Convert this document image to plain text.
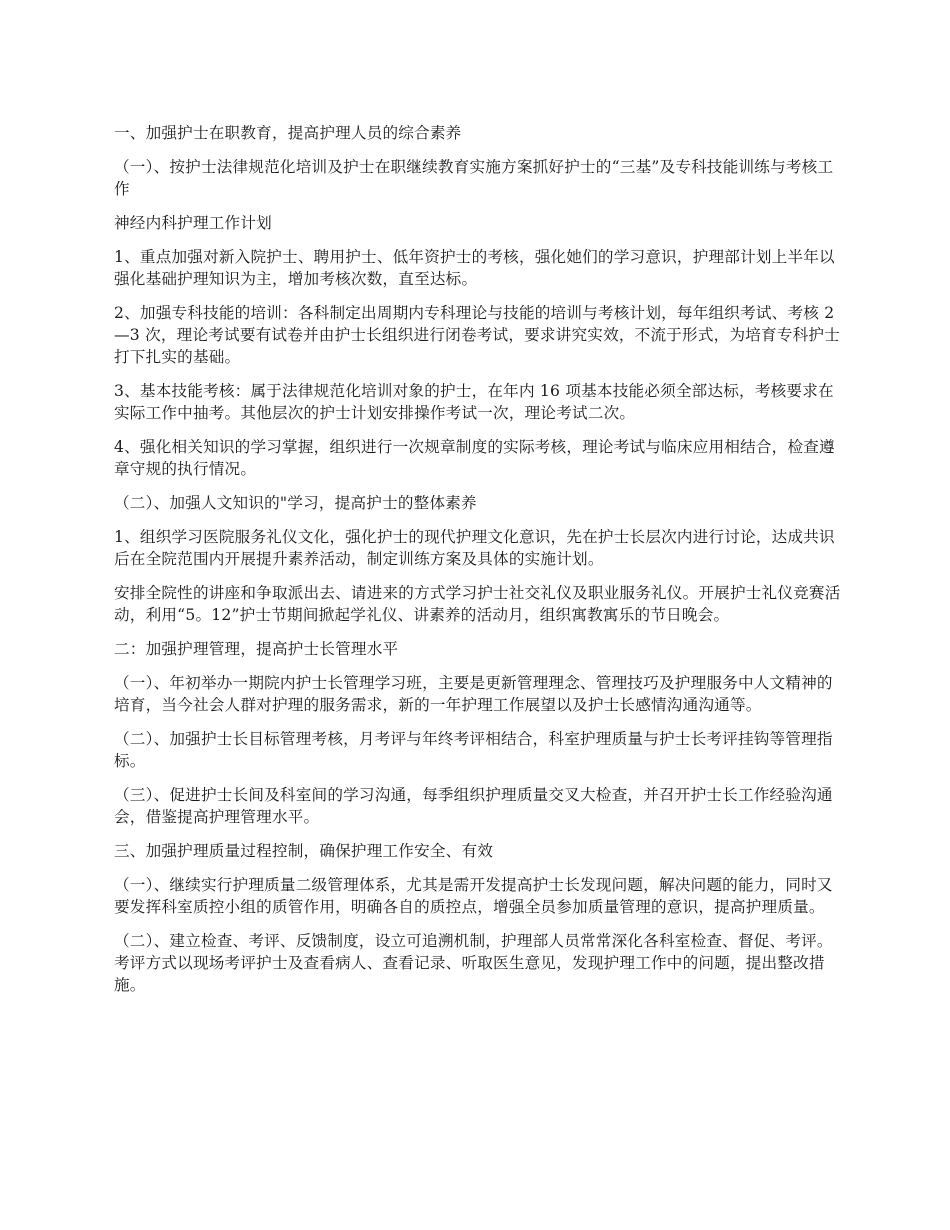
一、加强护士在职教育，提高护理人员的综合素养

（一）、按护士法律规范化培训及护士在职继续教育实施方案抓好护士的“三基”及专科技能训练与考核工作

神经内科护理工作计划

1、重点加强对新入院护士、聘用护士、低年资护士的考核，强化她们的学习意识，护理部计划上半年以强化基础护理知识为主，增加考核次数，直至达标。

2、加强专科技能的培训：各科制定出周期内专科理论与技能的培训与考核计划，每年组织考试、考核 2—3 次，理论考试要有试卷并由护士长组织进行闭卷考试，要求讲究实效，不流于形式，为培育专科护士打下扎实的基础。

3、基本技能考核：属于法律规范化培训对象的护士，在年内 16 项基本技能必须全部达标，考核要求在实际工作中抽考。其他层次的护士计划安排操作考试一次，理论考试二次。

4、强化相关知识的学习掌握，组织进行一次规章制度的实际考核，理论考试与临床应用相结合，检查遵章守规的执行情况。

（二）、加强人文知识的"学习，提高护士的整体素养

1、组织学习医院服务礼仪文化，强化护士的现代护理文化意识，先在护士长层次内进行讨论，达成共识后在全院范围内开展提升素养活动，制定训练方案及具体的实施计划。

安排全院性的讲座和争取派出去、请进来的方式学习护士社交礼仪及职业服务礼仪。开展护士礼仪竞赛活动，利用“5。12”护士节期间掀起学礼仪、讲素养的活动月，组织寓教寓乐的节日晚会。

二：加强护理管理，提高护士长管理水平

（一）、年初举办一期院内护士长管理学习班，主要是更新管理理念、管理技巧及护理服务中人文精神的培育，当今社会人群对护理的服务需求，新的一年护理工作展望以及护士长感情沟通沟通等。

（二）、加强护士长目标管理考核，月考评与年终考评相结合，科室护理质量与护士长考评挂钩等管理指标。

（三）、促进护士长间及科室间的学习沟通，每季组织护理质量交叉大检查，并召开护士长工作经验沟通会，借鉴提高护理管理水平。

三、加强护理质量过程控制，确保护理工作安全、有效

（一）、继续实行护理质量二级管理体系，尤其是需开发提高护士长发现问题，解决问题的能力，同时又要发挥科室质控小组的质管作用，明确各自的质控点，增强全员参加质量管理的意识，提高护理质量。

（二）、建立检查、考评、反馈制度，设立可追溯机制，护理部人员常常深化各科室检查、督促、考评。考评方式以现场考评护士及查看病人、查看记录、听取医生意见，发现护理工作中的问题，提出整改措施。
